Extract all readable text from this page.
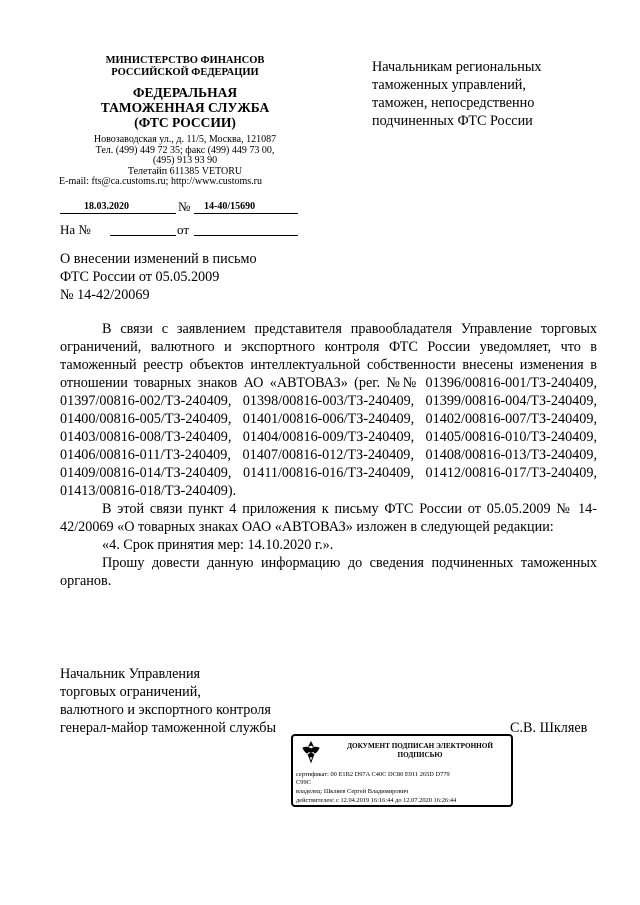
МИНИСТЕРСТВО ФИНАНСОВ
РОССИЙСКОЙ ФЕДЕРАЦИИ
ФЕДЕРАЛЬНАЯ
ТАМОЖЕННАЯ СЛУЖБА
(ФТС РОССИИ)
Новозаводская ул., д. 11/5, Москва, 121087
Тел. (499) 449 72 35; факс (499) 449 73 00,
(495) 913 93 90
Телетайп 611385 VETORU
E-mail: fts@ca.customs.ru; http://www.customs.ru
18.03.2020	№ 14-40/15690
На №	от
Начальникам региональных
таможенных управлений,
таможен, непосредственно
подчиненных ФТС России
О внесении изменений в письмо
ФТС России от 05.05.2009
№ 14-42/20069

В связи с заявлением представителя правообладателя Управление торговых ограничений, валютного и экспортного контроля ФТС России уведомляет, что в таможенный реестр объектов интеллектуальной собственности внесены изменения в отношении товарных знаков АО «АВТОВАЗ» (рег. №№ 01396/00816-001/ТЗ-240409, 01397/00816-002/ТЗ-240409, 01398/00816-003/ТЗ-240409, 01399/00816-004/ТЗ-240409, 01400/00816-005/ТЗ-240409, 01401/00816-006/ТЗ-240409, 01402/00816-007/ТЗ-240409, 01403/00816-008/ТЗ-240409, 01404/00816-009/ТЗ-240409, 01405/00816-010/ТЗ-240409, 01406/00816-011/ТЗ-240409, 01407/00816-012/ТЗ-240409, 01408/00816-013/ТЗ-240409, 01409/00816-014/ТЗ-240409, 01411/00816-016/ТЗ-240409, 01412/00816-017/ТЗ-240409, 01413/00816-018/ТЗ-240409).

В этой связи пункт 4 приложения к письму ФТС России от 05.05.2009 № 14-42/20069 «О товарных знаках ОАО «АВТОВАЗ» изложен в следующей редакции:

«4. Срок принятия мер: 14.10.2020 г.».

Прошу довести данную информацию до сведения подчиненных таможенных органов.

Начальник Управления
торговых ограничений,
валютного и экспортного контроля
генерал-майор таможенной службы	С.В. Шкляев
ДОКУМЕНТ ПОДПИСАН ЭЛЕКТРОННОЙ
ПОДПИСЬЮ
сертификат: 00 E1B2 D97A C40C DC80 E911 265D D779
C99C
владелец: Шкляев Сергей Владимирович
действителен: с 12.04.2019 16:16:44 до 12.07.2020 16:26:44
